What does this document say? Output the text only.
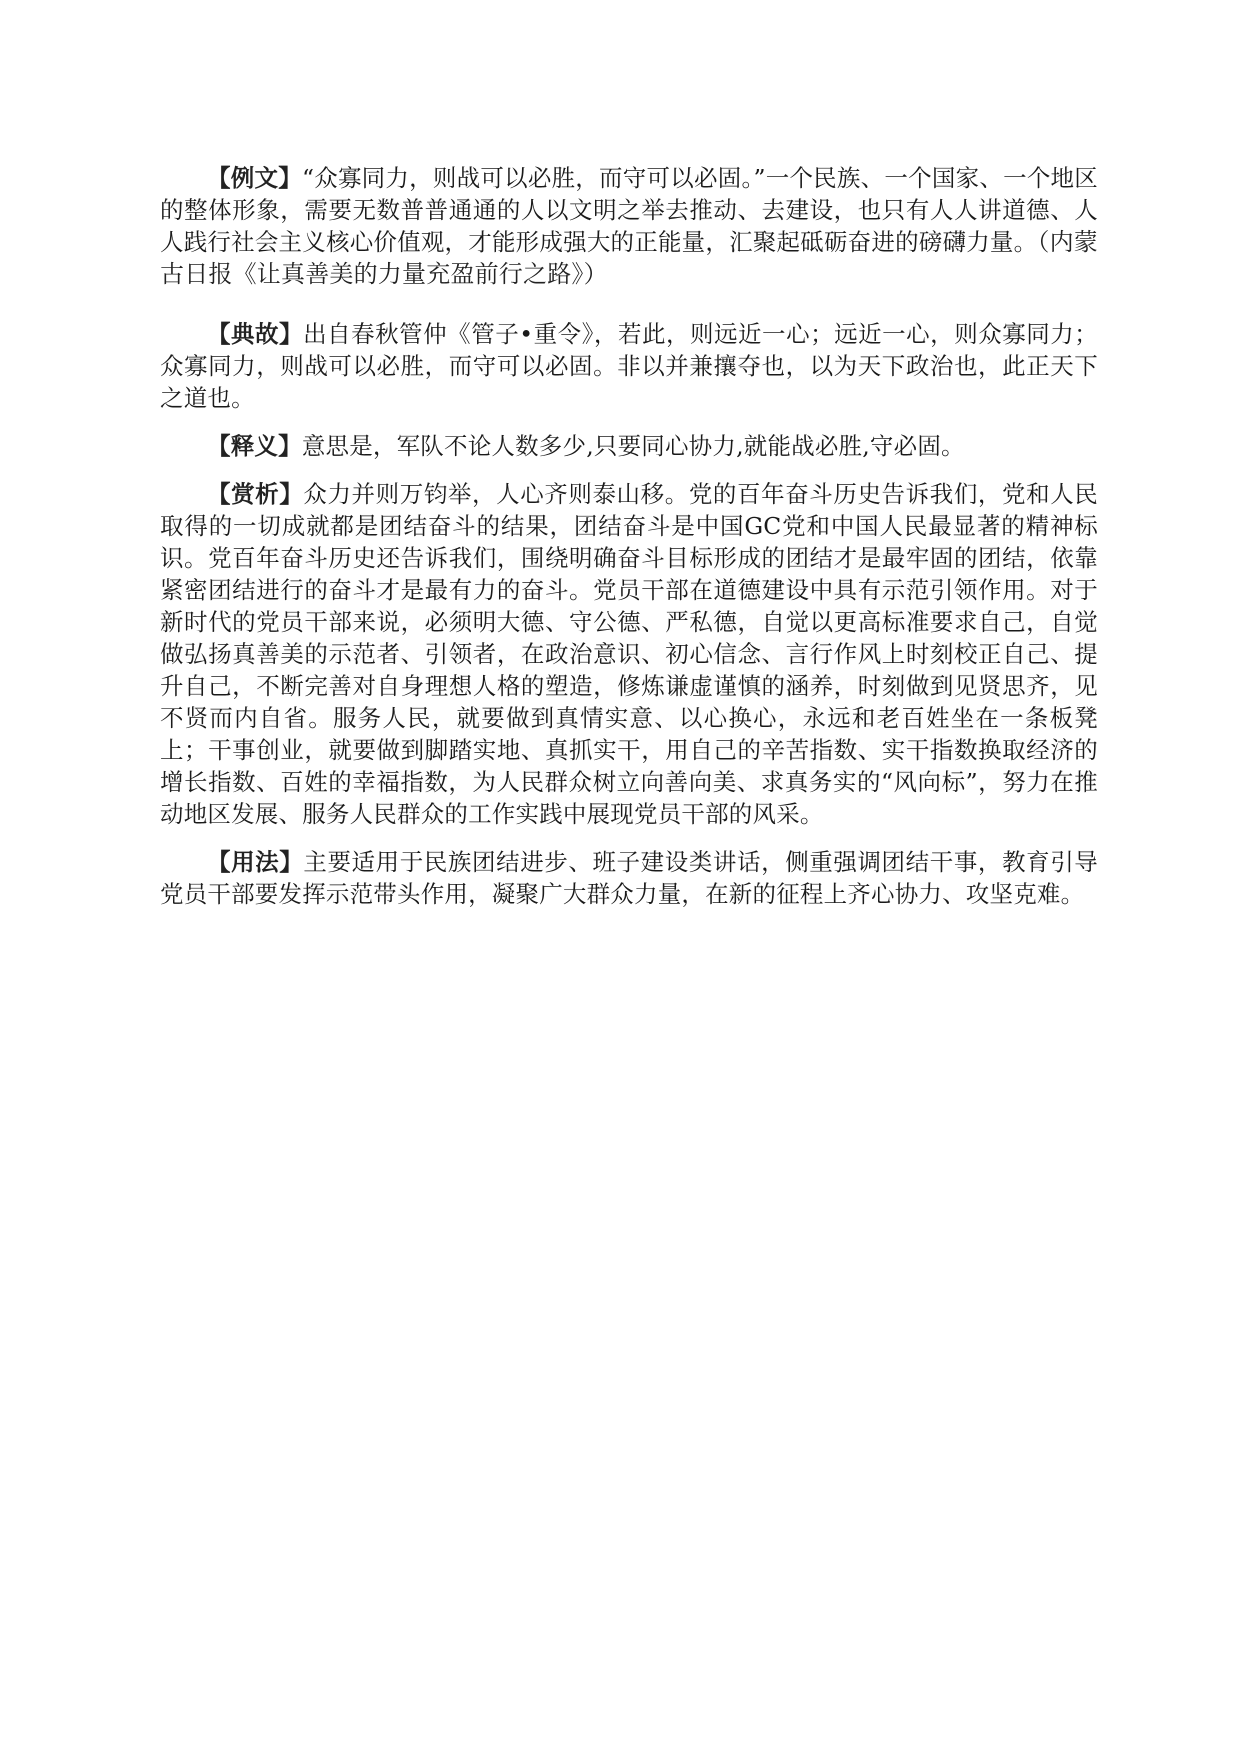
【例文】“众寡同力，则战可以必胜，而守可以必固。”一个民族、一个国家、一个地区的整体形象，需要无数普普通通的人以文明之举去推动、去建设，也只有人人讲道德、人人践行社会主义核心价值观，才能形成强大的正能量，汇聚起砥砺奋进的磅礴力量。（内蒙古日报《让真善美的力量充盈前行之路》）

【典故】出自春秋管仲《管子•重令》，若此，则远近一心；远近一心，则众寡同力；众寡同力，则战可以必胜，而守可以必固。非以并兼攘夺也，以为天下政治也，此正天下之道也。

【释义】意思是，军队不论人数多少,只要同心协力,就能战必胜,守必固。

【赏析】众力并则万钧举，人心齐则泰山移。党的百年奋斗历史告诉我们，党和人民取得的一切成就都是团结奋斗的结果，团结奋斗是中国GC党和中国人民最显著的精神标识。党百年奋斗历史还告诉我们，围绕明确奋斗目标形成的团结才是最牢固的团结，依靠紧密团结进行的奋斗才是最有力的奋斗。党员干部在道德建设中具有示范引领作用。对于新时代的党员干部来说，必须明大德、守公德、严私德，自觉以更高标准要求自己，自觉做弘扬真善美的示范者、引领者，在政治意识、初心信念、言行作风上时刻校正自己、提升自己，不断完善对自身理想人格的塑造，修炼谦虚谨慎的涵养，时刻做到见贤思齐，见不贤而内自省。服务人民，就要做到真情实意、以心换心，永远和老百姓坐在一条板凳上；干事创业，就要做到脚踏实地、真抓实干，用自己的辛苦指数、实干指数换取经济的增长指数、百姓的幸福指数，为人民群众树立向善向美、求真务实的“风向标”，努力在推动地区发展、服务人民群众的工作实践中展现党员干部的风采。

【用法】主要适用于民族团结进步、班子建设类讲话，侧重强调团结干事，教育引导党员干部要发挥示范带头作用，凝聚广大群众力量，在新的征程上齐心协力、攻坚克难。
